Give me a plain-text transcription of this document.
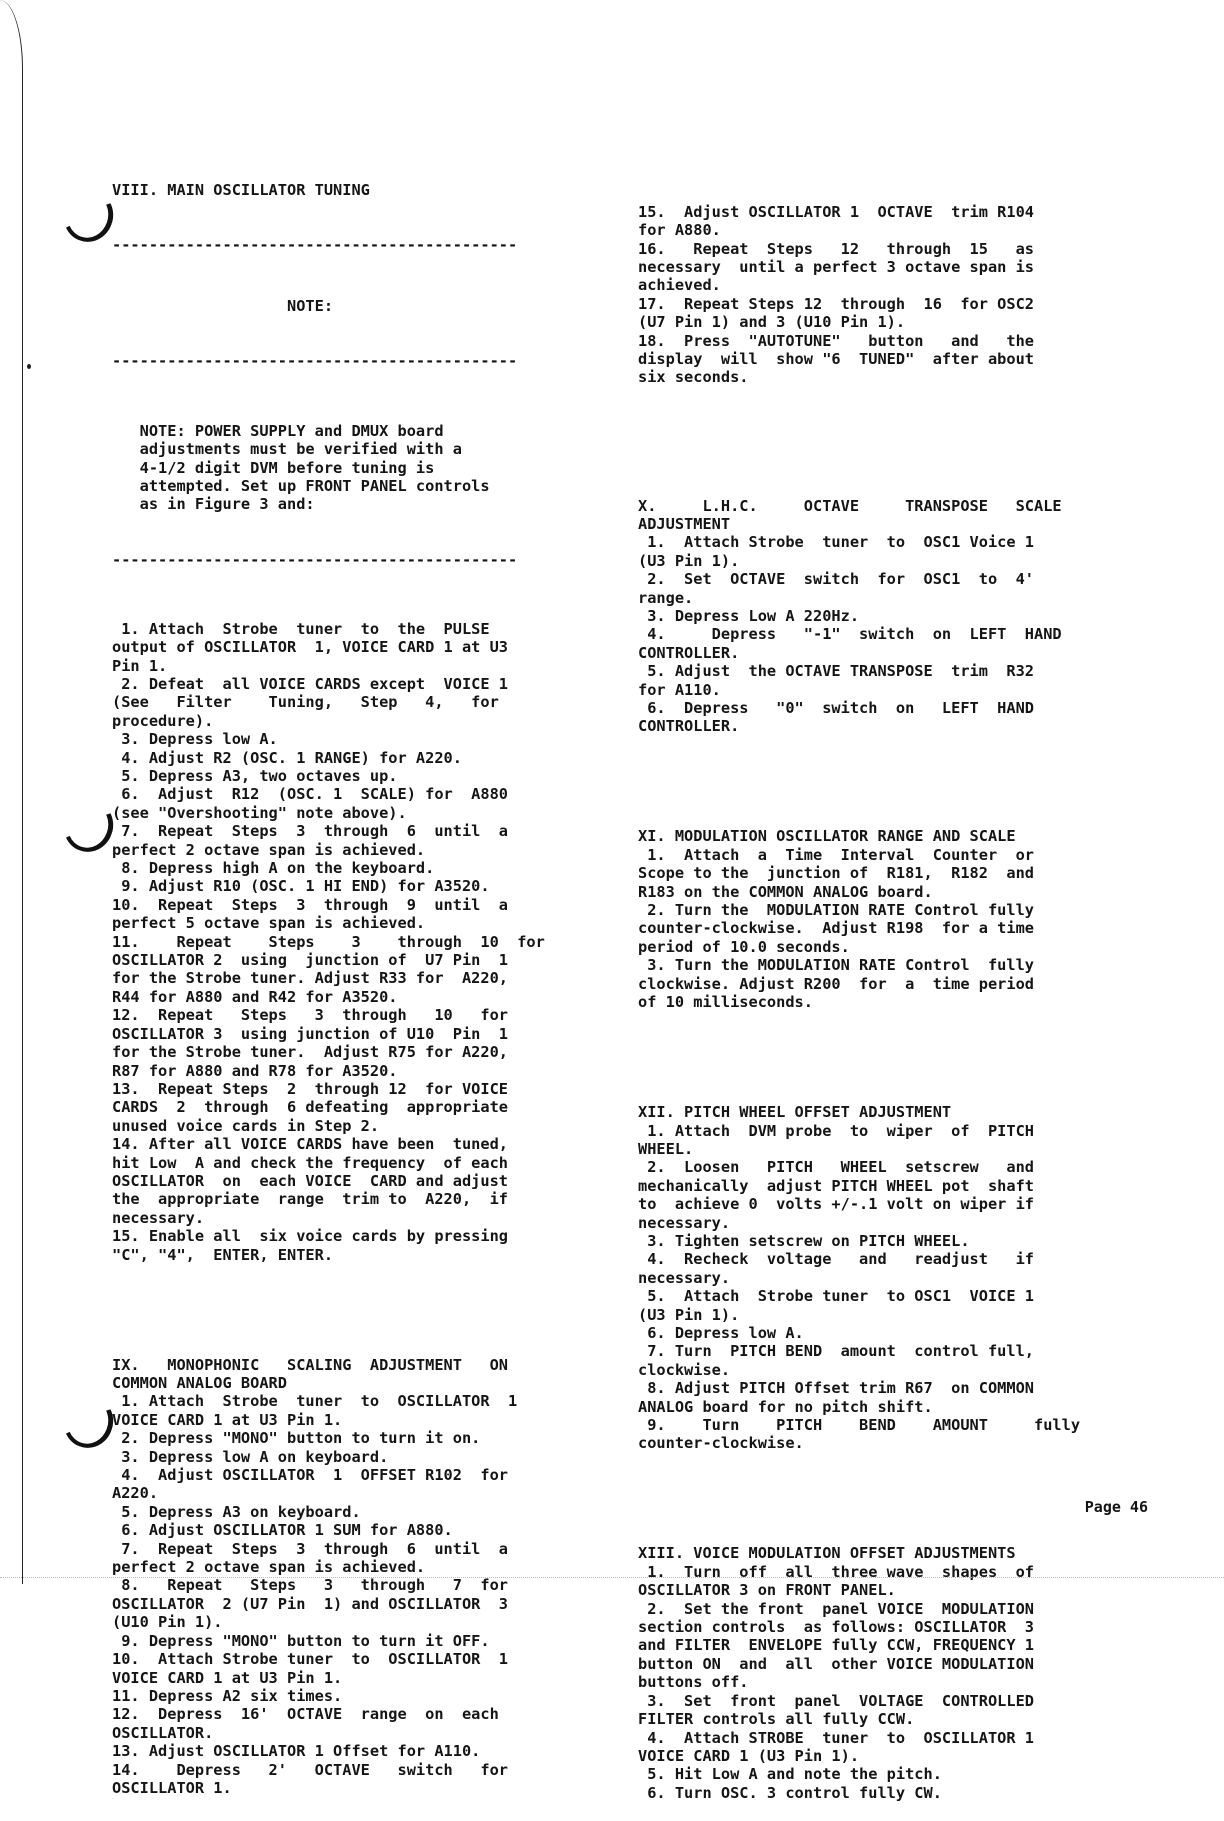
VIII. MAIN OSCILLATOR TUNING

--------------------------------------------

NOTE:

--------------------------------------------

NOTE: POWER SUPPLY and DMUX board
adjustments must be verified with a
4-1/2 digit DVM before tuning is
attempted. Set up FRONT PANEL controls
as in Figure 3 and:

--------------------------------------------

1. Attach  Strobe  tuner  to  the  PULSE
output of OSCILLATOR  1, VOICE CARD 1 at U3
Pin 1.
2. Defeat  all VOICE CARDS except  VOICE 1
(See   Filter    Tuning,   Step   4,   for
procedure).
3. Depress low A.
4. Adjust R2 (OSC. 1 RANGE) for A220.
5. Depress A3, two octaves up.
6.  Adjust  R12  (OSC. 1  SCALE) for  A880
(see "Overshooting" note above).
7.  Repeat  Steps  3  through  6  until  a
perfect 2 octave span is achieved.
8. Depress high A on the keyboard.
9. Adjust R10 (OSC. 1 HI END) for A3520.
10.  Repeat  Steps  3  through  9  until  a
perfect 5 octave span is achieved.
11.    Repeat    Steps    3    through  10  for
OSCILLATOR 2  using  junction of  U7 Pin  1
for the Strobe tuner. Adjust R33 for  A220,
R44 for A880 and R42 for A3520.
12.  Repeat   Steps   3  through   10   for
OSCILLATOR 3  using junction of U10  Pin  1
for the Strobe tuner.  Adjust R75 for A220,
R87 for A880 and R78 for A3520.
13.  Repeat Steps  2  through 12  for VOICE
CARDS  2  through  6 defeating  appropriate
unused voice cards in Step 2.
14. After all VOICE CARDS have been  tuned,
hit Low  A and check the frequency  of each
OSCILLATOR  on  each VOICE  CARD and adjust
the  appropriate  range  trim to  A220,  if
necessary.
15. Enable all  six voice cards by pressing
"C", "4",  ENTER, ENTER.

IX.   MONOPHONIC   SCALING  ADJUSTMENT   ON
COMMON ANALOG BOARD
1. Attach  Strobe  tuner  to  OSCILLATOR  1
VOICE CARD 1 at U3 Pin 1.
2. Depress "MONO" button to turn it on.
3. Depress low A on keyboard.
4.  Adjust OSCILLATOR  1  OFFSET R102  for
A220.
5. Depress A3 on keyboard.
6. Adjust OSCILLATOR 1 SUM for A880.
7.  Repeat  Steps  3  through  6  until  a
perfect 2 octave span is achieved.
8.   Repeat   Steps   3   through   7  for
OSCILLATOR  2 (U7 Pin  1) and OSCILLATOR  3
(U10 Pin 1).
9. Depress "MONO" button to turn it OFF.
10.  Attach Strobe tuner  to  OSCILLATOR  1
VOICE CARD 1 at U3 Pin 1.
11. Depress A2 six times.
12.  Depress  16'  OCTAVE  range  on  each
OSCILLATOR.
13. Adjust OSCILLATOR 1 Offset for A110.
14.    Depress   2'   OCTAVE   switch   for
OSCILLATOR 1.

15.  Adjust OSCILLATOR 1  OCTAVE  trim R104
for A880.
16.   Repeat  Steps   12   through  15   as
necessary  until a perfect 3 octave span is
achieved.
17.  Repeat Steps 12  through  16  for OSC2
(U7 Pin 1) and 3 (U10 Pin 1).
18.  Press  "AUTOTUNE"   button   and   the
display  will  show "6  TUNED"  after about
six seconds.

X.     L.H.C.     OCTAVE     TRANSPOSE   SCALE
ADJUSTMENT
1.  Attach Strobe  tuner  to  OSC1 Voice 1
(U3 Pin 1).
2.  Set  OCTAVE  switch  for  OSC1  to  4'
range.
3. Depress Low A 220Hz.
4.     Depress   "-1"  switch  on  LEFT  HAND
CONTROLLER.
5. Adjust  the OCTAVE TRANSPOSE  trim  R32
for A110.
6.  Depress   "0"  switch  on   LEFT  HAND
CONTROLLER.

XI. MODULATION OSCILLATOR RANGE AND SCALE
1.  Attach  a  Time  Interval  Counter  or
Scope to the  junction of  R181,  R182  and
R183 on the COMMON ANALOG board.
2. Turn the  MODULATION RATE Control fully
counter-clockwise.  Adjust R198  for a time
period of 10.0 seconds.
3. Turn the MODULATION RATE Control  fully
clockwise. Adjust R200  for  a  time period
of 10 milliseconds.

XII. PITCH WHEEL OFFSET ADJUSTMENT
1. Attach  DVM probe  to  wiper  of  PITCH
WHEEL.
2.  Loosen   PITCH   WHEEL  setscrew   and
mechanically  adjust PITCH WHEEL pot  shaft
to  achieve 0  volts +/-.1 volt on wiper if
necessary.
3. Tighten setscrew on PITCH WHEEL.
4.  Recheck  voltage   and   readjust   if
necessary.
5.  Attach  Strobe tuner  to OSC1  VOICE 1
(U3 Pin 1).
6. Depress low A.
7. Turn  PITCH BEND  amount  control full,
clockwise.
8. Adjust PITCH Offset trim R67  on COMMON
ANALOG board for no pitch shift.
9.    Turn    PITCH    BEND    AMOUNT     fully
counter-clockwise.

XIII. VOICE MODULATION OFFSET ADJUSTMENTS
1.  Turn  off  all  three wave  shapes  of
OSCILLATOR 3 on FRONT PANEL.
2.  Set the front  panel VOICE  MODULATION
section controls  as follows: OSCILLATOR  3
and FILTER  ENVELOPE fully CCW, FREQUENCY 1
button ON  and  all  other VOICE MODULATION
buttons off.
3.  Set  front  panel  VOLTAGE  CONTROLLED
FILTER controls all fully CCW.
4.  Attach STROBE  tuner  to  OSCILLATOR 1
VOICE CARD 1 (U3 Pin 1).
5. Hit Low A and note the pitch.
6. Turn OSC. 3 control fully CW.

Page 46
